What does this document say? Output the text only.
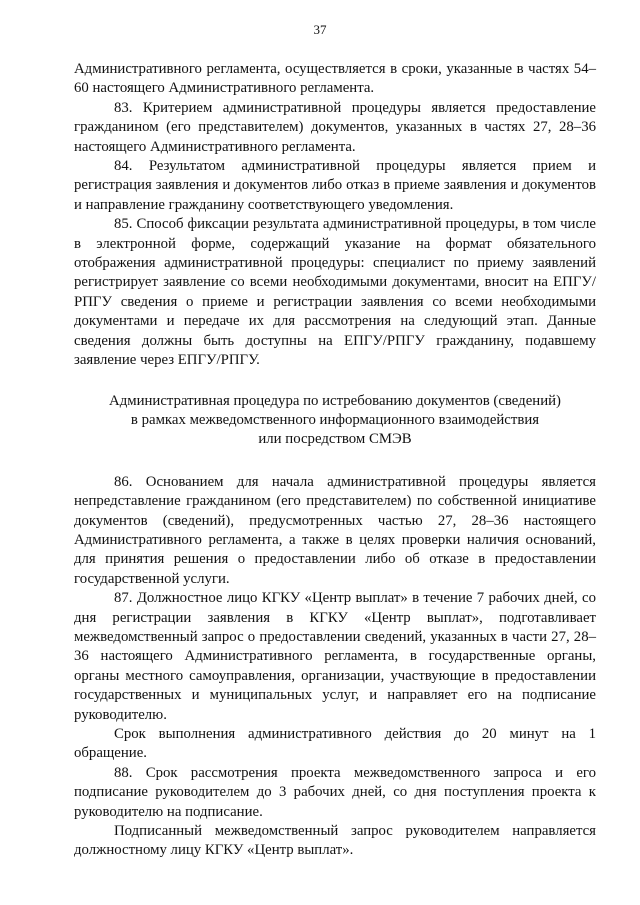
37

Административного регламента, осуществляется в сроки, указанные в частях 54–60 настоящего Административного регламента.

83. Критерием административной процедуры является предоставление гражданином (его представителем) документов, указанных в частях 27, 28–36 настоящего Административного регламента.

84. Результатом административной процедуры является прием и регистрация заявления и документов либо отказ в приеме заявления и документов и направление гражданину соответствующего уведомления.

85. Способ фиксации результата административной процедуры, в том числе в электронной форме, содержащий указание на формат обязательного отображения административной процедуры: специалист по приему заявлений регистрирует заявление со всеми необходимыми документами, вносит на ЕПГУ/РПГУ сведения о приеме и регистрации заявления со всеми необходимыми документами и передаче их для рассмотрения на следующий этап. Данные сведения должны быть доступны на ЕПГУ/РПГУ гражданину, подавшему заявление через ЕПГУ/РПГУ.

Административная процедура по истребованию документов (сведений)
в рамках межведомственного информационного взаимодействия
или посредством СМЭВ

86. Основанием для начала административной процедуры является непредставление гражданином (его представителем) по собственной инициативе документов (сведений), предусмотренных частью 27, 28–36 настоящего Административного регламента, а также в целях проверки наличия оснований, для принятия решения о предоставлении либо об отказе в предоставлении государственной услуги.

87. Должностное лицо КГКУ «Центр выплат» в течение 7 рабочих дней, со дня регистрации заявления в КГКУ «Центр выплат», подготавливает межведомственный запрос о предоставлении сведений, указанных в части 27, 28–36 настоящего Административного регламента, в государственные органы, органы местного самоуправления, организации, участвующие в предоставлении государственных и муниципальных услуг, и направляет его на подписание руководителю.

Срок выполнения административного действия до 20 минут на 1 обращение.

88. Срок рассмотрения проекта межведомственного запроса и его подписание руководителем до 3 рабочих дней, со дня поступления проекта к руководителю на подписание.

Подписанный межведомственный запрос руководителем направляется должностному лицу КГКУ «Центр выплат».
